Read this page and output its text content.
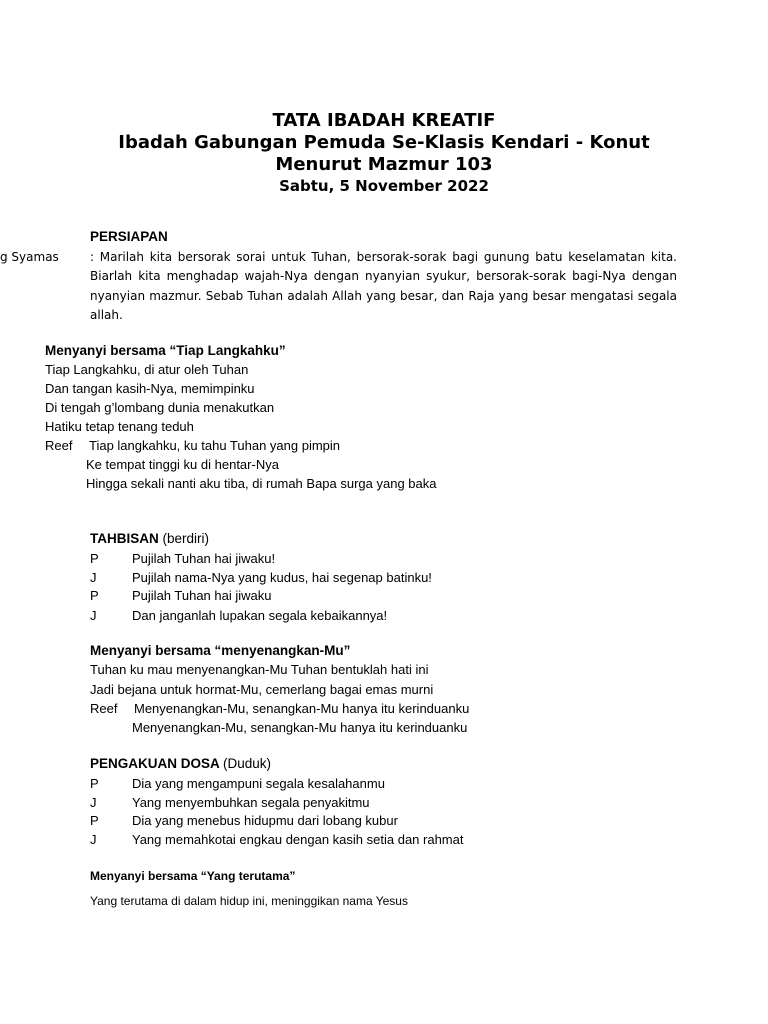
TATA IBADAH KREATIF
Ibadah Gabungan Pemuda Se-Klasis Kendari - Konut
Menurut Mazmur 103
Sabtu, 5 November 2022
PERSIAPAN
g Syamas	: Marilah kita bersorak sorai untuk Tuhan, bersorak-sorak bagi gunung batu keselamatan kita. Biarlah kita menghadap wajah-Nya dengan nyanyian syukur, bersorak-sorak bagi-Nya dengan nyanyian mazmur. Sebab Tuhan adalah Allah yang besar, dan Raja yang besar mengatasi segala allah.
Menyanyi bersama “Tiap Langkahku”
Tiap Langkahku, di atur oleh Tuhan
Dan tangan kasih-Nya, memimpinku
Di tengah g’lombang dunia menakutkan
Hatiku tetap tenang teduh
Reef Tiap langkahku, ku tahu Tuhan yang pimpin
Ke tempat tinggi ku di hentar-Nya
Hingga sekali nanti aku tiba, di rumah Bapa surga yang baka
TAHBISAN (berdiri)
P	Pujilah Tuhan hai jiwaku!
J	Pujilah nama-Nya yang kudus, hai segenap batinku!
P	Pujilah Tuhan hai jiwaku
J	Dan janganlah lupakan segala kebaikannya!
Menyanyi bersama “menyenangkan-Mu”
Tuhan ku mau menyenangkan-Mu Tuhan bentuklah hati ini
Jadi bejana untuk hormat-Mu, cemerlang bagai emas murni
Reef Menyenangkan-Mu, senangkan-Mu hanya itu kerinduanku
Menyenangkan-Mu, senangkan-Mu hanya itu kerinduanku
PENGAKUAN DOSA (Duduk)
P	Dia yang mengampuni segala kesalahanmu
J	Yang menyembuhkan segala penyakitmu
P	Dia yang menebus hidupmu dari lobang kubur
J	Yang memahkotai engkau dengan kasih setia dan rahmat
Menyanyi bersama “Yang terutama”
Yang terutama di dalam hidup ini, meninggikan nama Yesus
